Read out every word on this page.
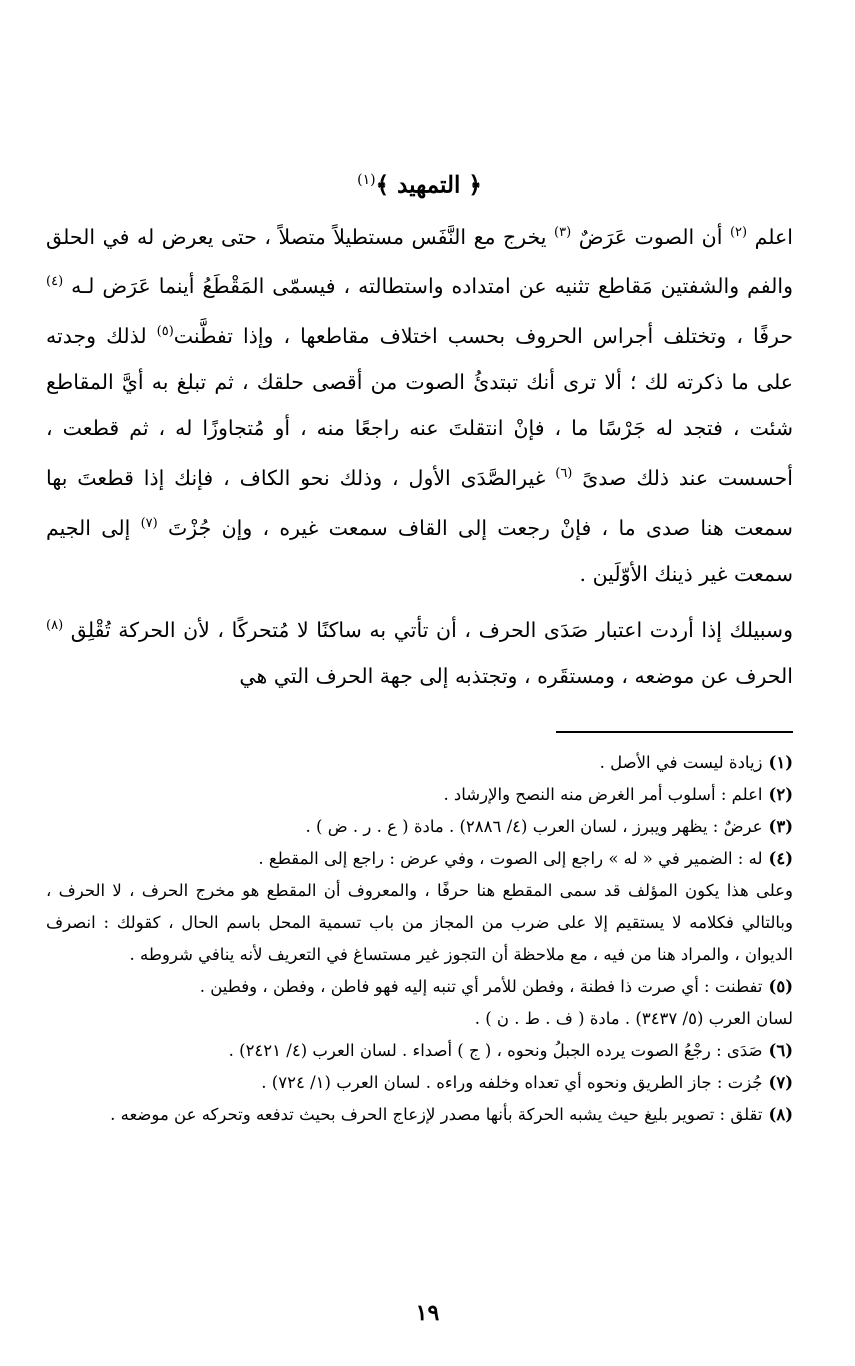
﴿ التمهيد ﴾$^{(١)}$

اعلم $^{(٢)}$ أن الصوت عَرَضٌ $^{(٣)}$ يخرج مع النَّفَس مستطيلاً متصلاً ، حتى يعرض له في الحلق والفم والشفتين مَقاطع تثنيه عن امتداده واستطالته ، فيسمّى المَقْطَعُ أينما عَرَض لـه $^{(٤)}$ حرفًا ، وتختلف أجراس الحروف بحسب اختلاف مقاطعها ، وإذا تفطَّنت$^{(٥)}$ لذلك وجدته على ما ذكرته لك ؛ ألا ترى أنك تبتدئُ الصوت من أقصى حلقك ، ثم تبلغ به أيَّ المقاطع شئت ، فتجد له جَرْسًا ما ، فإنْ انتقلتَ عنه راجعًا منه ، أو مُتجاوزًا له ، ثم قطعت ، أحسست عند ذلك صدىً $^{(٦)}$ غيرالصَّدَى الأول ، وذلك نحو الكاف ، فإنك إذا قطعتَ بها سمعت هنا صدى ما ، فإنْ رجعت إلى القاف سمعت غيره ، وإن جُزْتَ $^{(٧)}$ إلى الجيم سمعت غير ذينك الأوّلَين .

وسبيلك إذا أردت اعتبار صَدَى الحرف ، أن تأتي به ساكنًا لا مُتحركًا ، لأن الحركة تُقْلِق $^{(٨)}$ الحرف عن موضعه ، ومستقَره ، وتجتذبه إلى جهة الحرف التي هي

(١)زيادة ليست في الأصل .

(٢)اعلم : أسلوب أمر الغرض منه النصح والإرشاد .

(٣)عرضٌ : يظهر ويبرز ، لسان العرب (٤/ ٢٨٨٦) . مادة ( ع . ر . ض ) .

(٤)له : الضمير في « له » راجع إلى الصوت ، وفي عرض : راجع إلى المقطع .

وعلى هذا يكون المؤلف قد سمى المقطع هنا حرفًا ، والمعروف أن المقطع هو مخرج الحرف ، لا الحرف ، وبالتالي فكلامه لا يستقيم إلا على ضرب من المجاز من باب تسمية المحل باسم الحال ، كقولك : انصرف الديوان ، والمراد هنا من فيه ، مع ملاحظة أن التجوز غير مستساغ في التعريف لأنه ينافي شروطه .

(٥)تفطنت : أي صرت ذا فطنة ، وفطن للأمر أي تنبه إليه فهو فاطن ، وفطن ، وفطين .

لسان العرب (٥/ ٣٤٣٧) . مادة ( ف . ط . ن ) .

(٦)صَدَى : رجْعُ الصوت يرده الجبلُ ونحوه ، ( ج ) أصداء . لسان العرب (٤/ ٢٤٢١) .

(٧)جُزت : جاز الطريق ونحوه أي تعداه وخلفه وراءه . لسان العرب (١/ ٧٢٤) .

(٨)تقلق : تصوير بليغ حيث يشبه الحركة بأنها مصدر لإزعاج الحرف بحيث تدفعه وتحركه عن موضعه .

١٩
